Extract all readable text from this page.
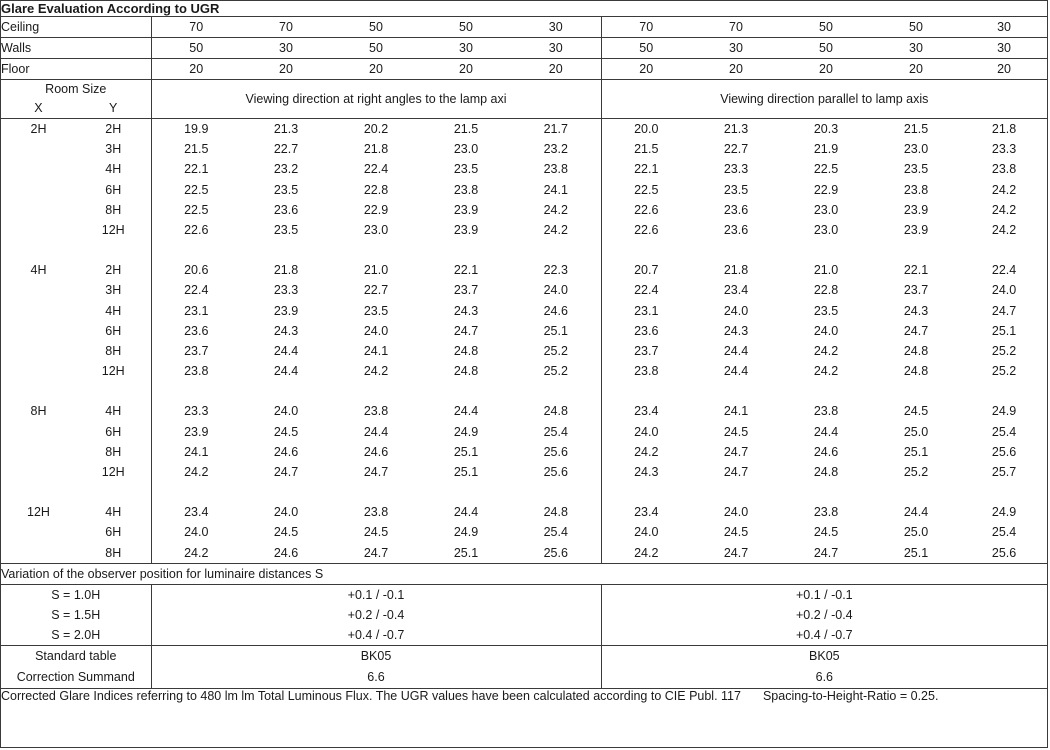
Glare Evaluation According to UGR											
Ceiling		70	70	50	50	30	70	70	50	50	30
Walls		50	30	50	30	30	50	30	50	30	30
Floor		20	20	20	20	20	20	20	20	20	20

Room Size
X Y		Viewing direction at right angles to the lamp axi					Viewing direction parallel to lamp axis				
2H	2H	19.9	21.3	20.2	21.5	21.7	20.0	21.3	20.3	21.5	21.8
	3H	21.5	22.7	21.8	23.0	23.2	21.5	22.7	21.9	23.0	23.3
	4H	22.1	23.2	22.4	23.5	23.8	22.1	23.3	22.5	23.5	23.8
	6H	22.5	23.5	22.8	23.8	24.1	22.5	23.5	22.9	23.8	24.2
	8H	22.5	23.6	22.9	23.9	24.2	22.6	23.6	23.0	23.9	24.2
	12H	22.6	23.5	23.0	23.9	24.2	22.6	23.6	23.0	23.9	24.2

4H	2H	20.6	21.8	21.0	22.1	22.3	20.7	21.8	21.0	22.1	22.4
	3H	22.4	23.3	22.7	23.7	24.0	22.4	23.4	22.8	23.7	24.0
	4H	23.1	23.9	23.5	24.3	24.6	23.1	24.0	23.5	24.3	24.7
	6H	23.6	24.3	24.0	24.7	25.1	23.6	24.3	24.0	24.7	25.1
	8H	23.7	24.4	24.1	24.8	25.2	23.7	24.4	24.2	24.8	25.2
	12H	23.8	24.4	24.2	24.8	25.2	23.8	24.4	24.2	24.8	25.2

8H	4H	23.3	24.0	23.8	24.4	24.8	23.4	24.1	23.8	24.5	24.9
	6H	23.9	24.5	24.4	24.9	25.4	24.0	24.5	24.4	25.0	25.4
	8H	24.1	24.6	24.6	25.1	25.6	24.2	24.7	24.6	25.1	25.6
	12H	24.2	24.7	24.7	25.1	25.6	24.3	24.7	24.8	25.2	25.7

12H	4H	23.4	24.0	23.8	24.4	24.8	23.4	24.0	23.8	24.4	24.9
	6H	24.0	24.5	24.5	24.9	25.4	24.0	24.5	24.5	25.0	25.4
	8H	24.2	24.6	24.7	25.1	25.6	24.2	24.7	24.7	25.1	25.6
Variation of the observer position for luminaire distances S											
S = 1.0H		+0.1 / -0.1					+0.1 / -0.1				
S = 1.5H		+0.2 / -0.4					+0.2 / -0.4				
S = 2.0H		+0.4 / -0.7					+0.4 / -0.7				
Standard table		BK05					BK05				
Correction Summand		6.6					6.6				
Corrected Glare Indices referring to 480 lm lm Total Luminous Flux. The UGR values have been calculated according to CIE Publ. 117 Spacing-to-Height-Ratio = 0.25.											
